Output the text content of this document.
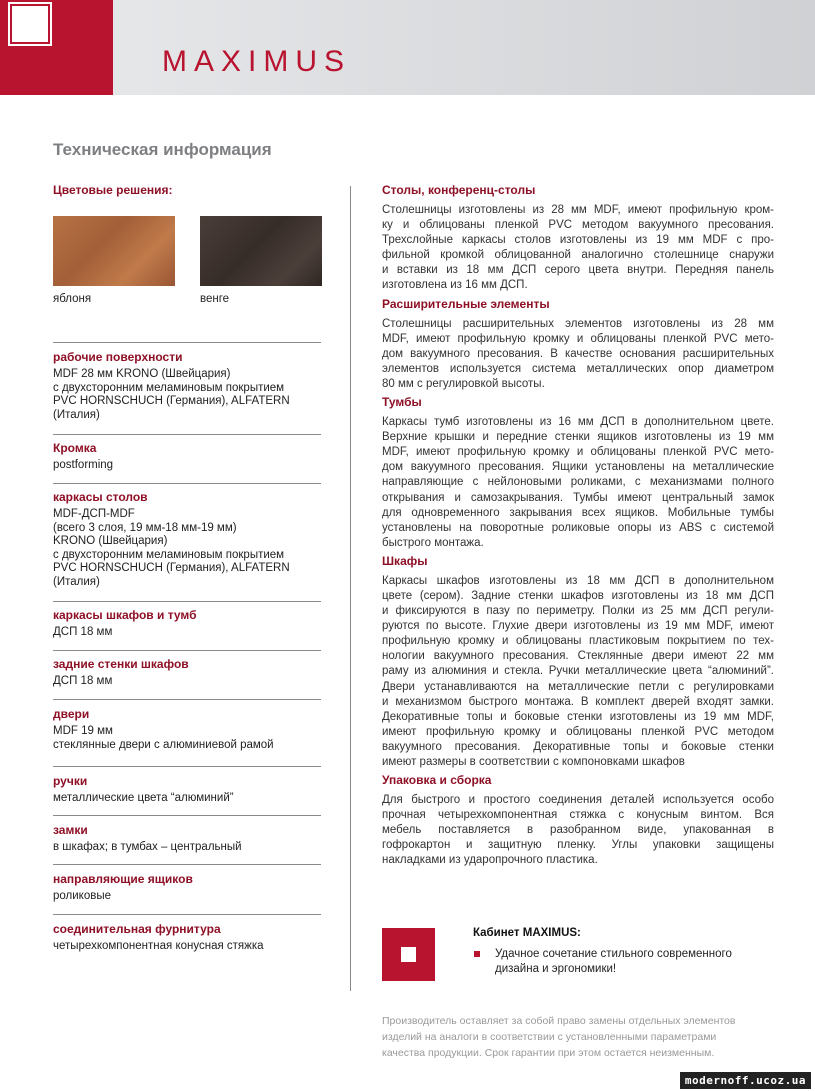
MAXIMUS
Техническая информация
Цветовые решения:
яблоня	венге
рабочие поверхности
MDF 28 мм KRONO (Швейцария)
с двухсторонним меламиновым покрытием
PVC HORNSCHUCH (Германия), ALFATERN
(Италия)
Кромка
postforming
каркасы столов
MDF-ДСП-MDF
(всего 3 слоя, 19 мм-18 мм-19 мм)
KRONO (Швейцария)
с двухсторонним меламиновым покрытием
PVC HORNSCHUCH (Германия), ALFATERN
(Италия)
каркасы шкафов и тумб
ДСП 18 мм
задние стенки шкафов
ДСП 18 мм
двери
MDF 19 мм
стеклянные двери с алюминиевой рамой
ручки
металлические цвета “алюминий”
замки
в шкафах; в тумбах – центральный
направляющие ящиков
роликовые
соединительная фурнитура
четырехкомпонентная конусная стяжка
Столы, конференц-столы
Столешницы изготовлены из 28 мм MDF, имеют профильную кром-
ку и облицованы пленкой PVC методом вакуумного пресования.
Трехслойные каркасы столов изготовлены из 19 мм MDF с про-
фильной кромкой облицованной аналогично столешнице снаружи
и вставки из 18 мм ДСП серого цвета внутри. Передняя панель
изготовлена из 16 мм ДСП.
Расширительные элементы
Столешницы расширительных элементов изготовлены из 28 мм
MDF, имеют профильную кромку и облицованы пленкой PVC мето-
дом вакуумного пресования. В качестве основания расширительных
элементов используется система металлических опор диаметром
80 мм с регулировкой высоты.
Тумбы
Каркасы тумб изготовлены из 16 мм ДСП в дополнительном цвете.
Верхние крышки и передние стенки ящиков изготовлены из 19 мм
MDF, имеют профильную кромку и облицованы пленкой PVC мето-
дом вакуумного пресования. Ящики установлены на металлические
направляющие с нейлоновыми роликами, с механизмами полного
открывания и самозакрывания. Тумбы имеют центральный замок
для одновременного закрывания всех ящиков. Мобильные тумбы
установлены на поворотные роликовые опоры из ABS с системой
быстрого монтажа.
Шкафы
Каркасы шкафов изготовлены из 18 мм ДСП в дополнительном
цвете (сером). Задние стенки шкафов изготовлены из 18 мм ДСП
и фиксируются в пазу по периметру. Полки из 25 мм ДСП регули-
руются по высоте. Глухие двери изготовлены из 19 мм MDF, имеют
профильную кромку и облицованы пластиковым покрытием по тех-
нологии вакуумного пресования. Стеклянные двери имеют 22 мм
раму из алюминия и стекла. Ручки металлические цвета “алюминий”.
Двери устанавливаются на металлические петли с регулировками
и механизмом быстрого монтажа. В комплект дверей входят замки.
Декоративные топы и боковые стенки изготовлены из 19 мм MDF,
имеют профильную кромку и облицованы пленкой PVC методом
вакуумного пресования. Декоративные топы и боковые стенки
имеют размеры в соответствии с компоновками шкафов
Упаковка и сборка
Для быстрого и простого соединения деталей используется особо
прочная четырехкомпонентная стяжка с конусным винтом. Вся
мебель поставляется в разобранном виде, упакованная в
гофрокартон и защитную пленку. Углы упаковки защищены
накладками из ударопрочного пластика.
Кабинет MAXIMUS:
Удачное сочетание стильного современного
дизайна и эргономики!
Производитель оставляет за собой право замены отдельных элементов
изделий на аналоги в соответствии с установленными параметрами
качества продукции. Срок гарантии при этом остается неизменным.
modernoff.ucoz.ua
